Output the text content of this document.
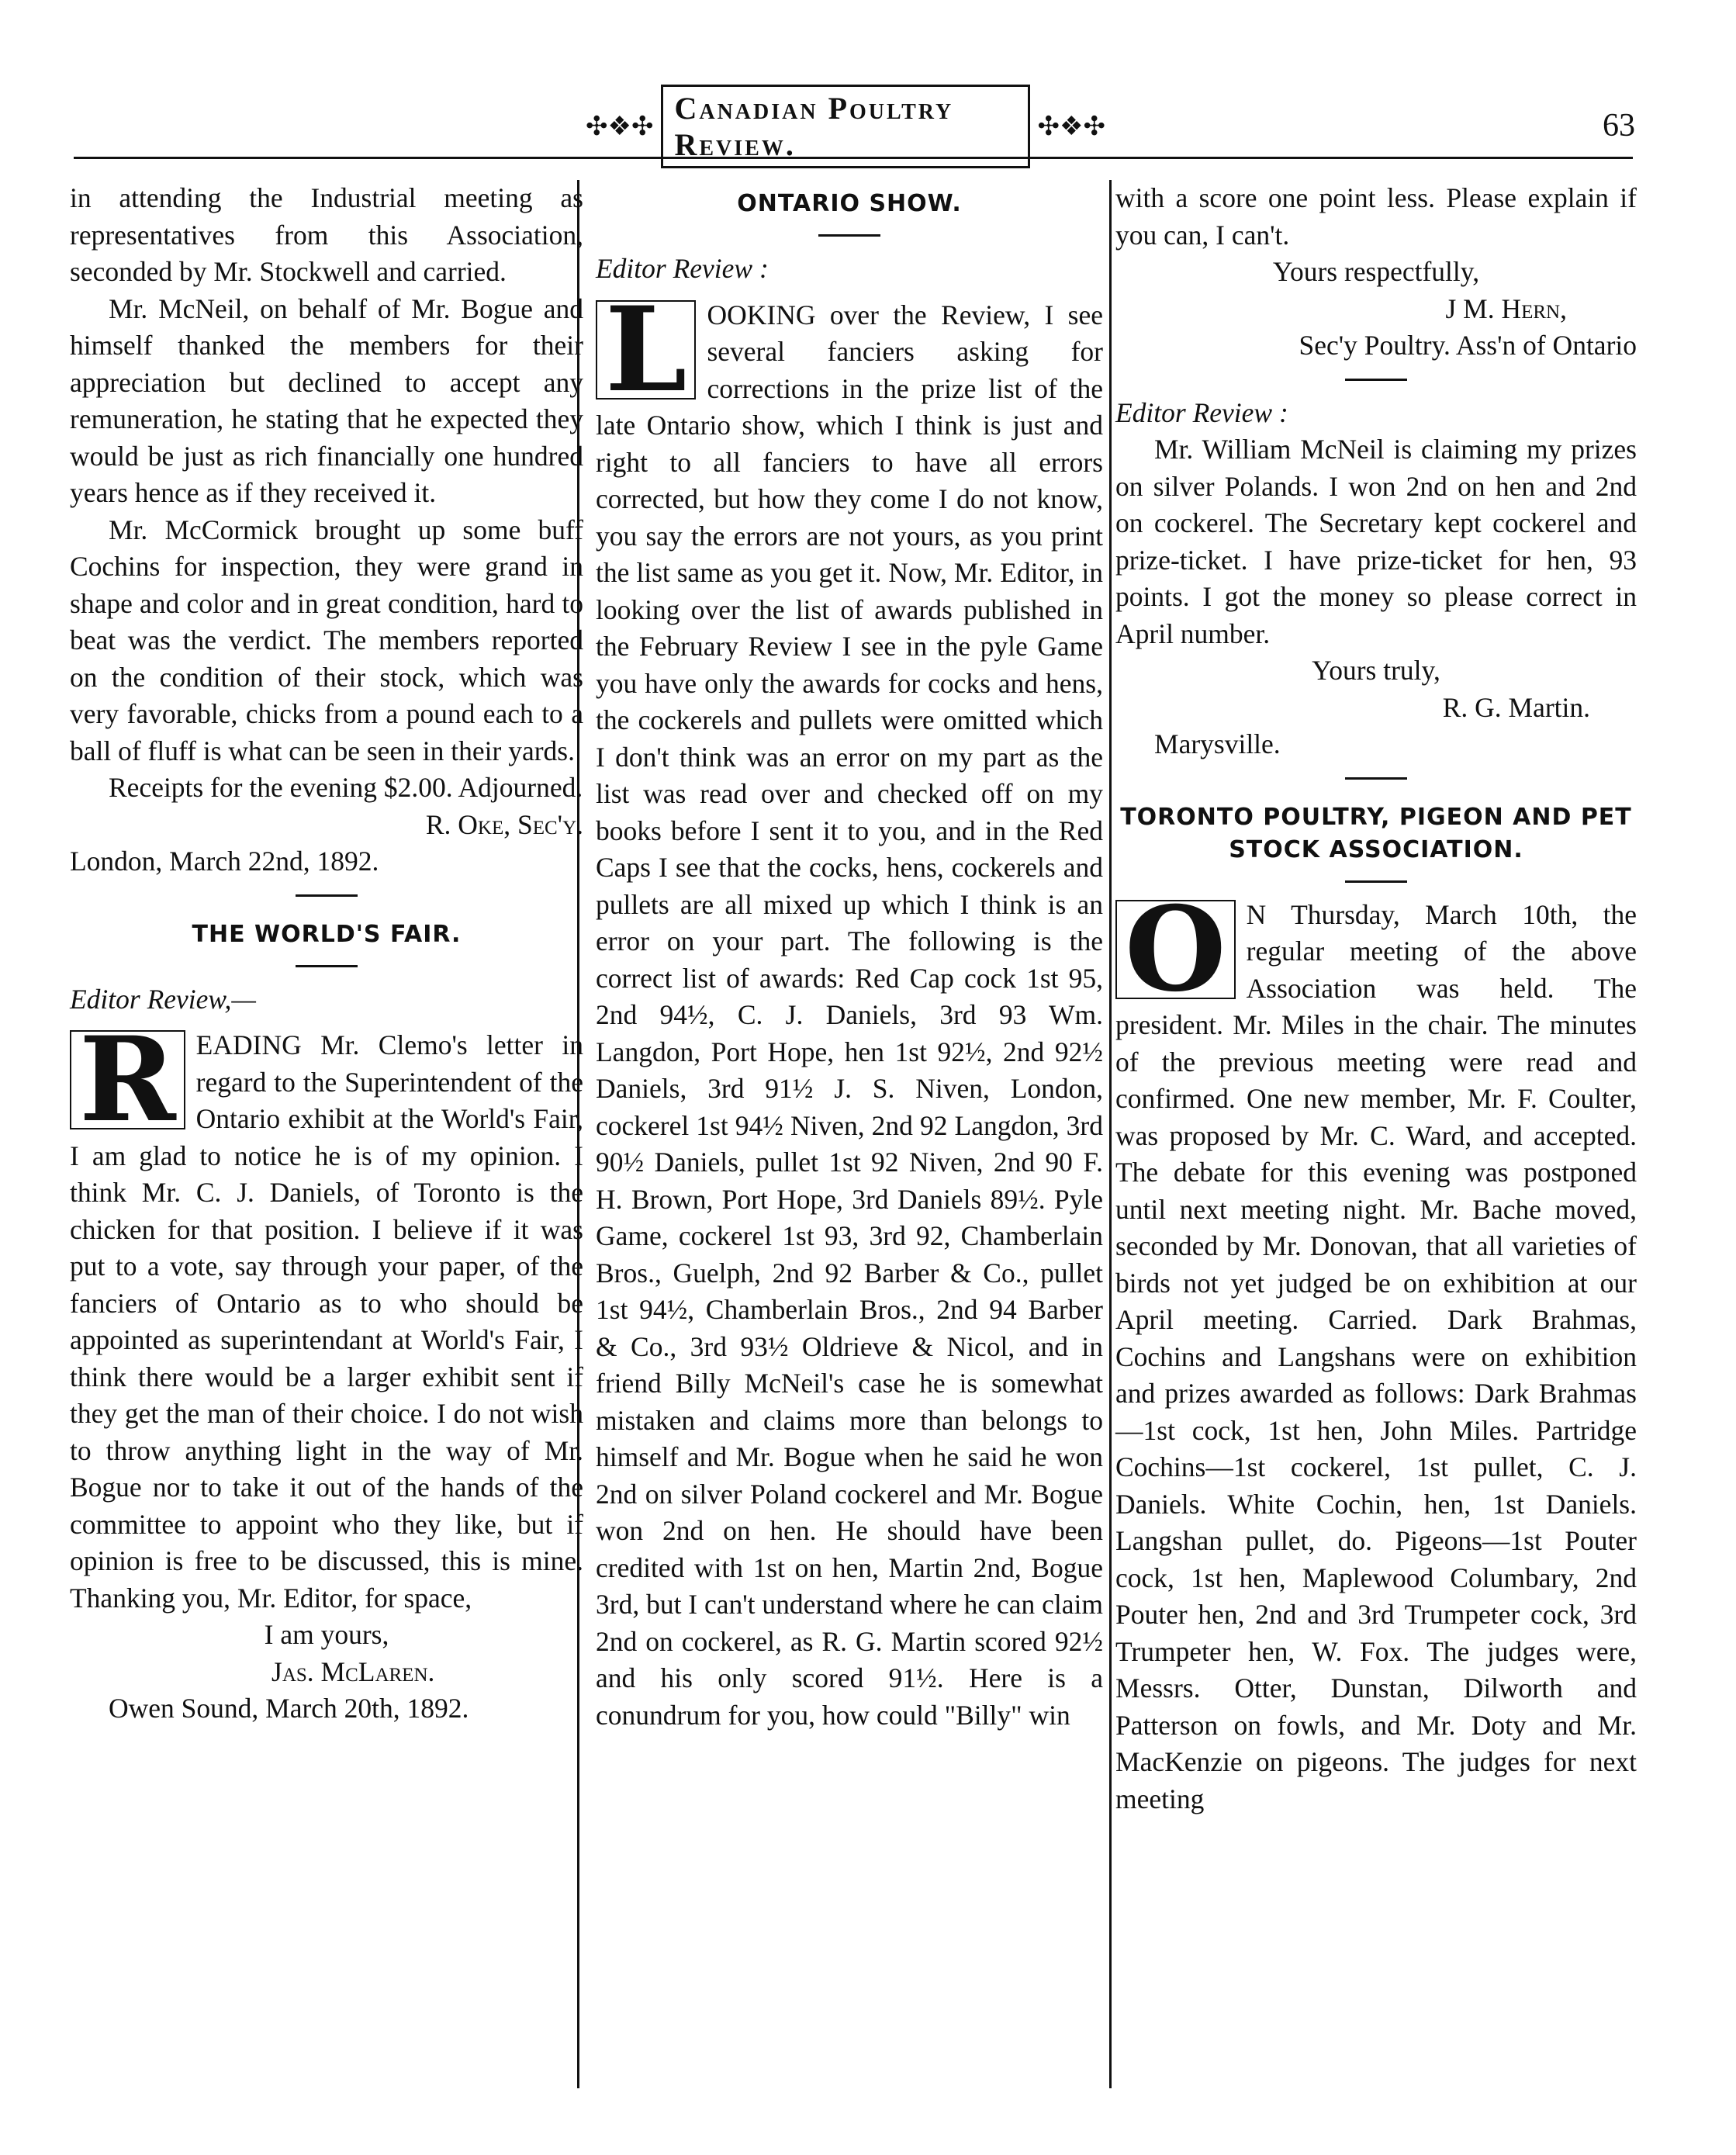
✣❖✣
Canadian Poultry Review.
✣❖✣	63

in attending the Industrial meeting as representatives from this Association, seconded by Mr. Stockwell and carried.

Mr. McNeil, on behalf of Mr. Bogue and himself thanked the members for their appreciation but declined to accept any remuneration, he stating that he expected they would be just as rich financially one hundred years hence as if they received it.

Mr. McCormick brought up some buff Cochins for inspection, they were grand in shape and color and in great condition, hard to beat was the verdict. The members reported on the condition of their stock, which was very favorable, chicks from a pound each to a ball of fluff is what can be seen in their yards.

Receipts for the evening $2.00. Adjourned.

R. Oke, Sec'y.

London, March 22nd, 1892.

THE WORLD'S FAIR.

Editor Review,—

R EADING Mr. Clemo's letter in regard to the Superintendent of the Ontario exhibit at the World's Fair, I am glad to notice he is of my opinion. I think Mr. C. J. Daniels, of Toronto is the chicken for that position. I believe if it was put to a vote, say through your paper, of the fanciers of Ontario as to who should be appointed as superintendant at World's Fair, I think there would be a larger exhibit sent if they get the man of their choice. I do not wish to throw anything light in the way of Mr. Bogue nor to take it out of the hands of the committee to appoint who they like, but if opinion is free to be discussed, this is mine. Thanking you, Mr. Editor, for space,

I am yours,

Jas. McLaren.

Owen Sound, March 20th, 1892.

ONTARIO SHOW.

Editor Review :

L OOKING over the Review, I see several fanciers asking for corrections in the prize list of the late Ontario show, which I think is just and right to all fanciers to have all errors corrected, but how they come I do not know, you say the errors are not yours, as you print the list same as you get it. Now, Mr. Editor, in looking over the list of awards published in the February Review I see in the pyle Game you have only the awards for cocks and hens, the cockerels and pullets were omitted which I don't think was an error on my part as the list was read over and checked off on my books before I sent it to you, and in the Red Caps I see that the cocks, hens, cockerels and pullets are all mixed up which I think is an error on your part. The following is the correct list of awards: Red Cap cock 1st 95, 2nd 94½, C. J. Daniels, 3rd 93 Wm. Langdon, Port Hope, hen 1st 92½, 2nd 92½ Daniels, 3rd 91½ J. S. Niven, London, cockerel 1st 94½ Niven, 2nd 92 Langdon, 3rd 90½ Daniels, pullet 1st 92 Niven, 2nd 90 F. H. Brown, Port Hope, 3rd Daniels 89½. Pyle Game, cockerel 1st 93, 3rd 92, Chamberlain Bros., Guelph, 2nd 92 Barber & Co., pullet 1st 94½, Chamberlain Bros., 2nd 94 Barber & Co., 3rd 93½ Oldrieve & Nicol, and in friend Billy McNeil's case he is somewhat mistaken and claims more than belongs to himself and Mr. Bogue when he said he won 2nd on silver Poland cockerel and Mr. Bogue won 2nd on hen. He should have been credited with 1st on hen, Martin 2nd, Bogue 3rd, but I can't understand where he can claim 2nd on cockerel, as R. G. Martin scored 92½ and his only scored 91½. Here is a conundrum for you, how could "Billy" win

with a score one point less. Please explain if you can, I can't.

Yours respectfully,

J M. Hern,

Sec'y Poultry. Ass'n of Ontario

Editor Review :

Mr. William McNeil is claiming my prizes on silver Polands. I won 2nd on hen and 2nd on cockerel. The Secretary kept cockerel and prize-ticket. I have prize-ticket for hen, 93 points. I got the money so please correct in April number.

Yours truly,

R. G. Martin.

Marysville.

TORONTO POULTRY, PIGEON AND PET STOCK ASSOCIATION.

O N Thursday, March 10th, the regular meeting of the above Association was held. The president. Mr. Miles in the chair. The minutes of the previous meeting were read and confirmed. One new member, Mr. F. Coulter, was proposed by Mr. C. Ward, and accepted. The debate for this evening was postponed until next meeting night. Mr. Bache moved, seconded by Mr. Donovan, that all varieties of birds not yet judged be on exhibition at our April meeting. Carried. Dark Brahmas, Cochins and Langshans were on exhibition and prizes awarded as follows: Dark Brahmas—1st cock, 1st hen, John Miles. Partridge Cochins—1st cockerel, 1st pullet, C. J. Daniels. White Cochin, hen, 1st Daniels. Langshan pullet, do. Pigeons—1st Pouter cock, 1st hen, Maplewood Columbary, 2nd Pouter hen, 2nd and 3rd Trumpeter cock, 3rd Trumpeter hen, W. Fox. The judges were, Messrs. Otter, Dunstan, Dilworth and Patterson on fowls, and Mr. Doty and Mr. MacKenzie on pigeons. The judges for next meeting
